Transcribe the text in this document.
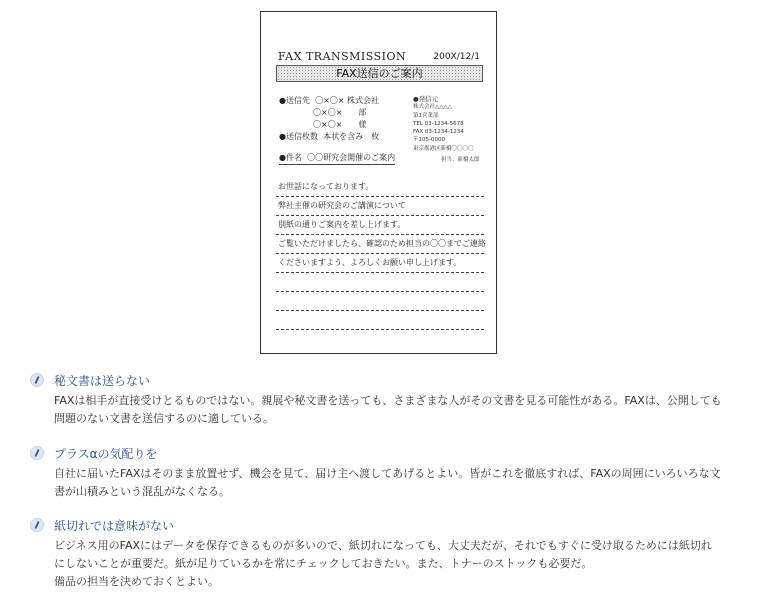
FAX TRANSMISSION	200X/12/1
FAX送信のご案内
●送信先 〇×〇× 株式会社
〇×〇×　　部
〇×〇×　　様
●送信枚数 本状を含み　枚
●発信元
株式会社△△△△
第1営業部
TEL 03-1234-5678
FAX 03-1234-1234
〒105-0000
東京都港区新橋〇〇〇〇
●件名 〇〇研究会開催のご案内	担当：新橋太郎
お世話になっております。
弊社主催の研究会のご講演について
別紙の通りご案内を差し上げます。
ご覧いただけましたら、確認のため担当の〇〇までご連絡
くださいますよう、よろしくお願い申し上げます。
秘文書は送らない
FAXは相手が直接受けとるものではない。親展や秘文書を送っても、さまざまな人がその文書を見る可能性がある。FAXは、公開しても
問題のない文書を送信するのに適している。
プラスαの気配りを
自社に届いたFAXはそのまま放置せず、機会を見て、届け主へ渡してあげるとよい。皆がこれを徹底すれば、FAXの周囲にいろいろな文
書が山積みという混乱がなくなる。
紙切れでは意味がない
ビジネス用のFAXにはデータを保存できるものが多いので、紙切れになっても、大丈夫だが、それでもすぐに受け取るためには紙切れ
にしないことが重要だ。紙が足りているかを常にチェックしておきたい。また、トナーのストックも必要だ。
備品の担当を決めておくとよい。
